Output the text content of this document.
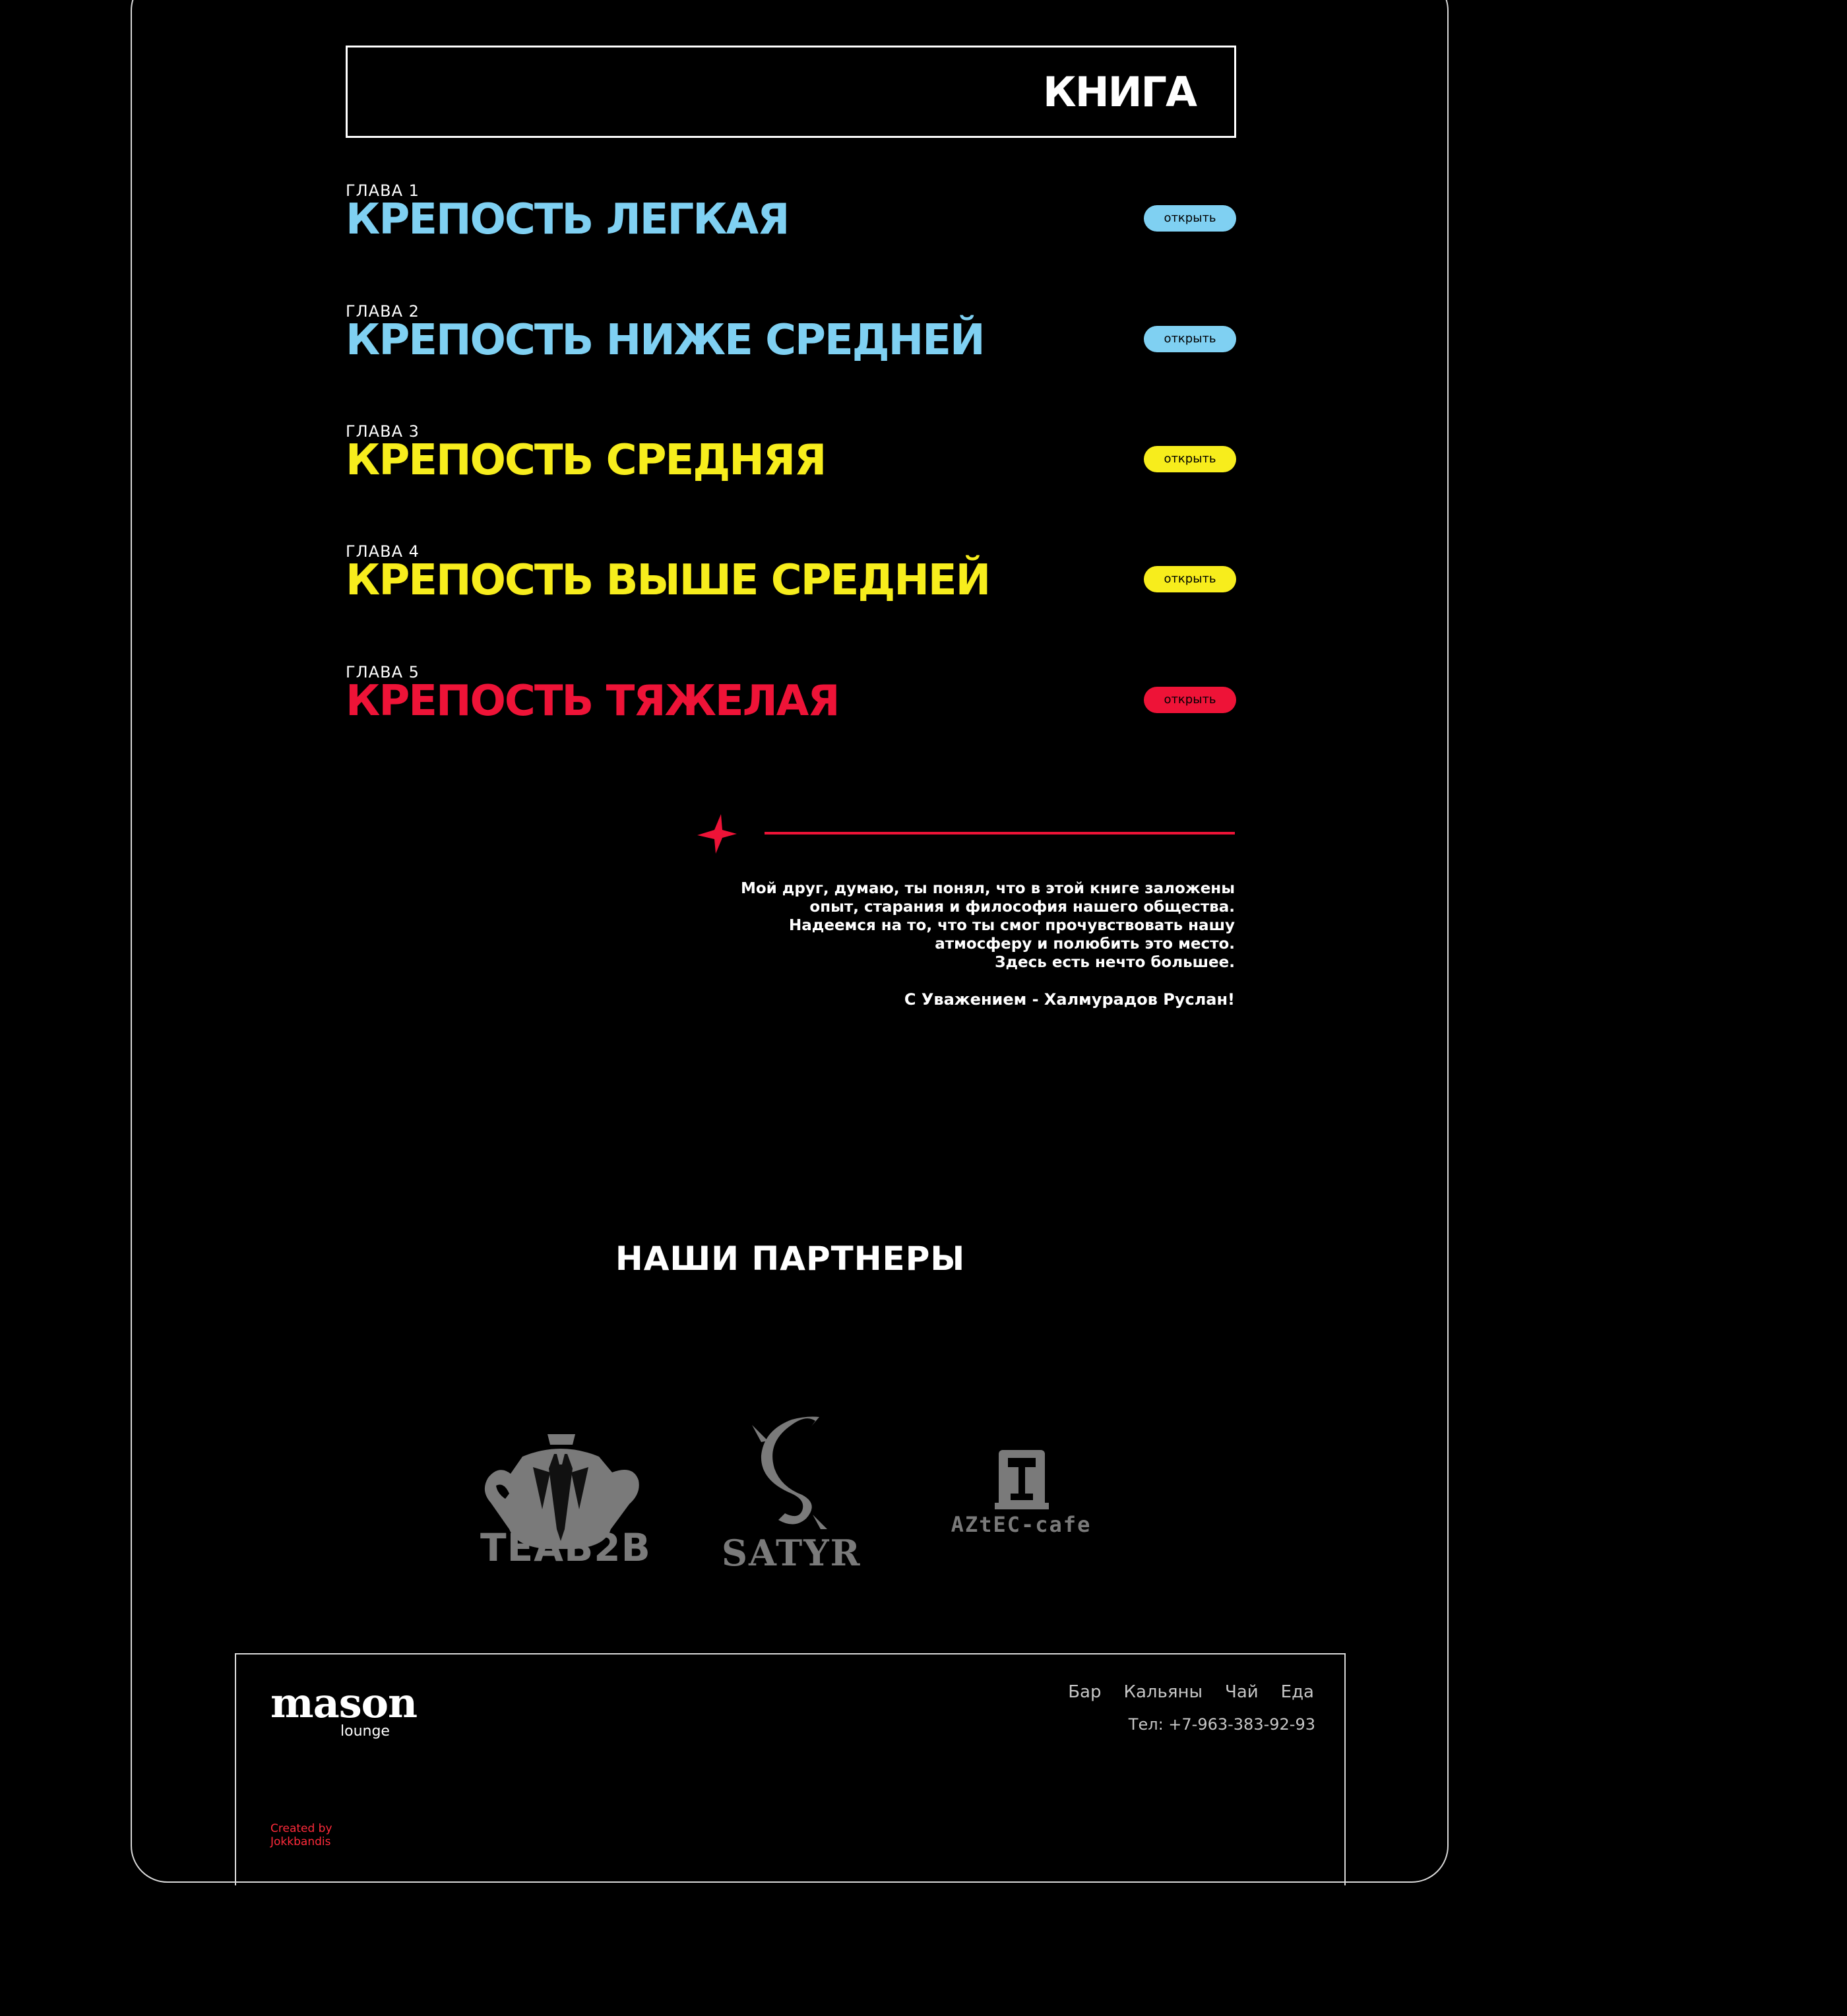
КНИГА
ГЛАВА 1
КРЕПОСТЬ ЛЕГКАЯ	открыть
ГЛАВА 2
КРЕПОСТЬ НИЖЕ СРЕДНЕЙ	открыть
ГЛАВА 3
КРЕПОСТЬ СРЕДНЯЯ	открыть
ГЛАВА 4
КРЕПОСТЬ ВЫШЕ СРЕДНЕЙ	открыть
ГЛАВА 5
КРЕПОСТЬ ТЯЖЕЛАЯ	открыть

Мой друг, думаю, ты понял, что в этой книге заложены

опыт, старания и философия нашего общества.

Надеемся на то, что ты смог прочувствовать нашу

атмосферу и полюбить это место.

Здесь есть нечто большее.

С Уважением - Халмурадов Руслан!
НАШИ ПАРТНЕРЫ
TEAB2B SATYR
AZtEC-cafe
mason
lounge
Бар Кальяны Чай Еда
Тел: +7-963-383-92-93
Created by
Jokkbandis
